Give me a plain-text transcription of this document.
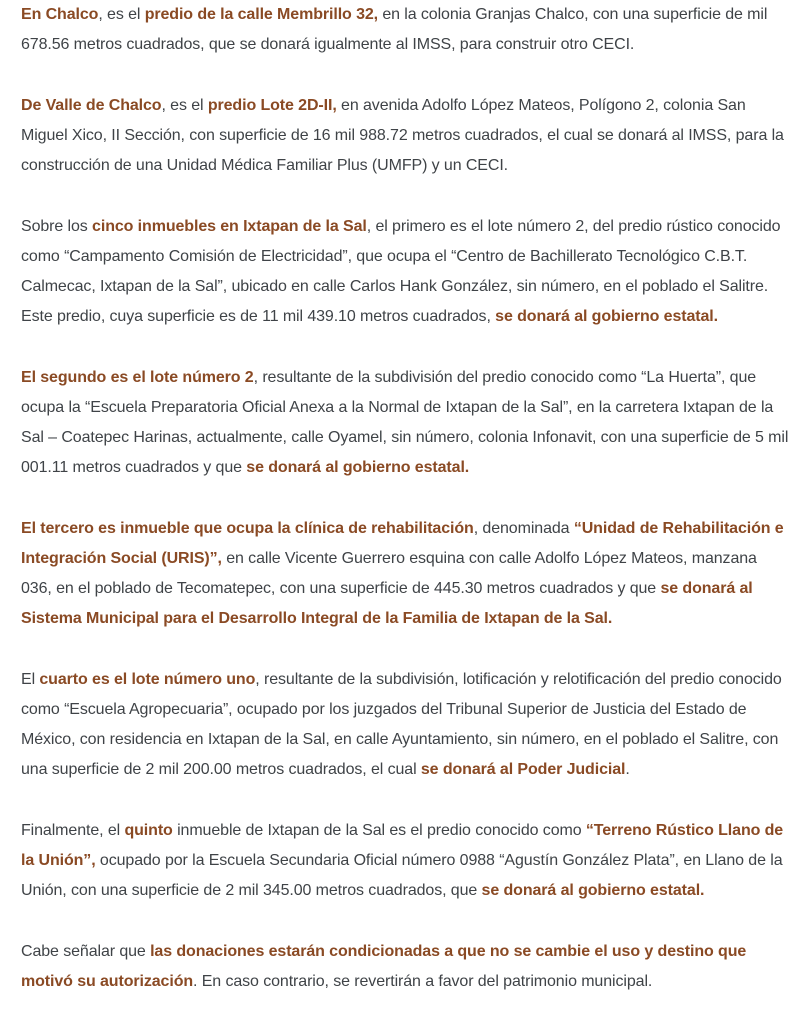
En Chalco, es el predio de la calle Membrillo 32, en la colonia Granjas Chalco, con una superficie de mil 678.56 metros cuadrados, que se donará igualmente al IMSS, para construir otro CECI.

De Valle de Chalco, es el predio Lote 2D-II, en avenida Adolfo López Mateos, Polígono 2, colonia San Miguel Xico, II Sección, con superficie de 16 mil 988.72 metros cuadrados, el cual se donará al IMSS, para la construcción de una Unidad Médica Familiar Plus (UMFP) y un CECI.

Sobre los cinco inmuebles en Ixtapan de la Sal, el primero es el lote número 2, del predio rústico conocido como “Campamento Comisión de Electricidad”, que ocupa el “Centro de Bachillerato Tecnológico C.B.T. Calmecac, Ixtapan de la Sal”, ubicado en calle Carlos Hank González, sin número, en el poblado el Salitre. Este predio, cuya superficie es de 11 mil 439.10 metros cuadrados, se donará al gobierno estatal.

El segundo es el lote número 2, resultante de la subdivisión del predio conocido como “La Huerta”, que ocupa la “Escuela Preparatoria Oficial Anexa a la Normal de Ixtapan de la Sal”, en la carretera Ixtapan de la Sal – Coatepec Harinas, actualmente, calle Oyamel, sin número, colonia Infonavit, con una superficie de 5 mil 001.11 metros cuadrados y que se donará al gobierno estatal.

El tercero es inmueble que ocupa la clínica de rehabilitación, denominada “Unidad de Rehabilitación e Integración Social (URIS)”, en calle Vicente Guerrero esquina con calle Adolfo López Mateos, manzana 036, en el poblado de Tecomatepec, con una superficie de 445.30 metros cuadrados y que se donará al Sistema Municipal para el Desarrollo Integral de la Familia de Ixtapan de la Sal.

El cuarto es el lote número uno, resultante de la subdivisión, lotificación y relotificación del predio conocido como “Escuela Agropecuaria”, ocupado por los juzgados del Tribunal Superior de Justicia del Estado de México, con residencia en Ixtapan de la Sal, en calle Ayuntamiento, sin número, en el poblado el Salitre, con una superficie de 2 mil 200.00 metros cuadrados, el cual se donará al Poder Judicial.

Finalmente, el quinto inmueble de Ixtapan de la Sal es el predio conocido como “Terreno Rústico Llano de la Unión”, ocupado por la Escuela Secundaria Oficial número 0988 “Agustín González Plata”, en Llano de la Unión, con una superficie de 2 mil 345.00 metros cuadrados, que se donará al gobierno estatal.

Cabe señalar que las donaciones estarán condicionadas a que no se cambie el uso y destino que motivó su autorización. En caso contrario, se revertirán a favor del patrimonio municipal.
